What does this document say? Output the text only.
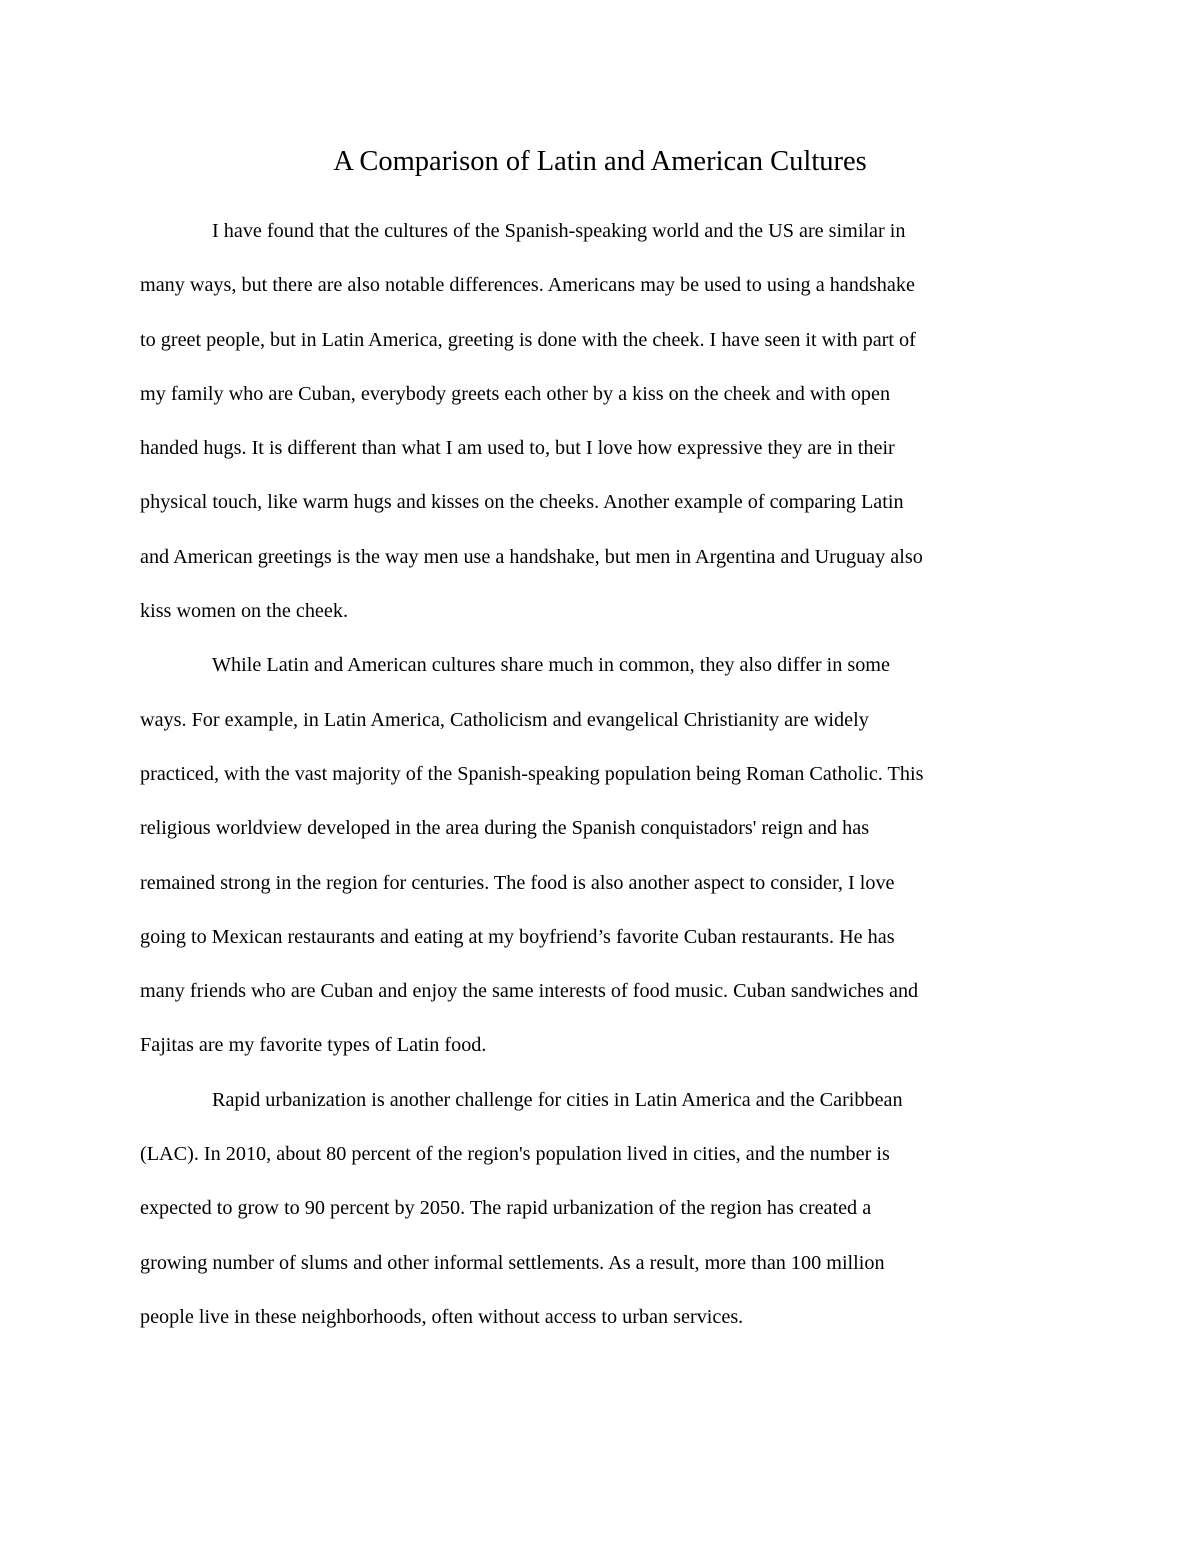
A Comparison of Latin and American Cultures

I have found that the cultures of the Spanish-speaking world and the US are similar in
many ways, but there are also notable differences. Americans may be used to using a handshake
to greet people, but in Latin America, greeting is done with the cheek. I have seen it with part of
my family who are Cuban, everybody greets each other by a kiss on the cheek and with open
handed hugs. It is different than what I am used to, but I love how expressive they are in their
physical touch, like warm hugs and kisses on the cheeks. Another example of comparing Latin
and American greetings is the way men use a handshake, but men in Argentina and Uruguay also
kiss women on the cheek.

While Latin and American cultures share much in common, they also differ in some
ways. For example, in Latin America, Catholicism and evangelical Christianity are widely
practiced, with the vast majority of the Spanish-speaking population being Roman Catholic. This
religious worldview developed in the area during the Spanish conquistadors' reign and has
remained strong in the region for centuries. The food is also another aspect to consider, I love
going to Mexican restaurants and eating at my boyfriend’s favorite Cuban restaurants. He has
many friends who are Cuban and enjoy the same interests of food music. Cuban sandwiches and
Fajitas are my favorite types of Latin food.

Rapid urbanization is another challenge for cities in Latin America and the Caribbean
(LAC). In 2010, about 80 percent of the region's population lived in cities, and the number is
expected to grow to 90 percent by 2050. The rapid urbanization of the region has created a
growing number of slums and other informal settlements. As a result, more than 100 million
people live in these neighborhoods, often without access to urban services.
